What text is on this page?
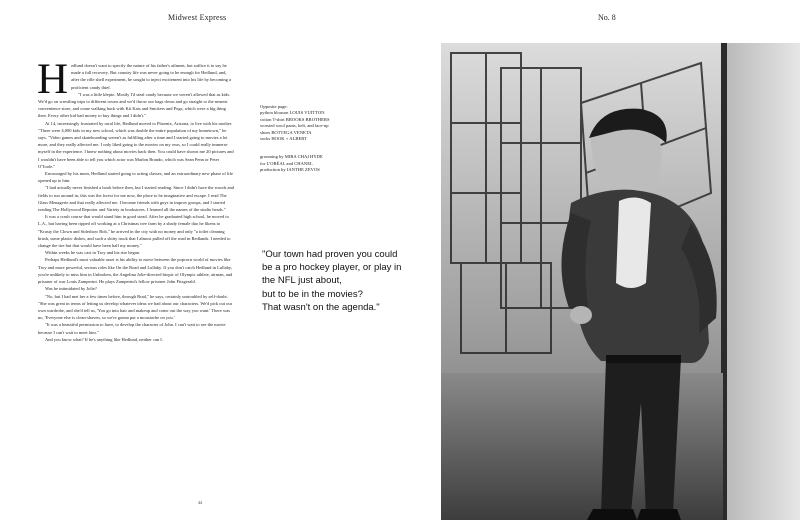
Midwest Express

Hedlund doesn't want to specify the nature of his father's ailment, but suffice it to say he made a full recovery. But country life was never going to be enough for Hedlund, and, after the rifle shell experiment, he sought to inject excitement into his life by becoming a proficient candy thief.

"I was a little klepto. Mostly I'd steal candy because we weren't allowed that as kids. We'd go on wrestling trips to different towns and we'd throw our bags down and go straight to the nearest convenience store, and come walking back with Kit Kats and Snickers and Pogs, which were a big thing then. Every other kid had money to buy things and I didn't."

At 14, increasingly frustrated by rural life, Hedlund moved to Phoenix, Arizona, to live with his mother. "There were 4,000 kids in my new school, which was double the entire population of my hometown," he says. "Video games and skateboarding weren't as fulfilling after a time and I started going to movies a lot more, and they really affected me. I only liked going to the movies on my own, so I could really immerse myself in the experience. I knew nothing about movies back then. You could have shown me 20 pictures and I wouldn't have been able to tell you which actor was Marlon Brando, which was Sean Penn or Peter O'Toole."

Encouraged by his mom, Hedlund started going to acting classes, and an extraordinary new phase of life opened up to him.

"I had actually never finished a book before then, but I started reading. Since I didn't have the woods and fields to run around in, this was the forest for me now, the place to be imaginative and escape. I read The Glass Menagerie and that really affected me. I became friends with guys in improv groups, and I started reading The Hollywood Reporter and Variety in bookstores. I learned all the names of the studio heads."

It was a crash course that would stand him in good stead. After he graduated high school, he moved to L.A., but having been ripped off working at a Christmas tree farm by a shady female duo he likens to "Krusty the Clown and Sideshow Bob," he arrived in the city with no money and only "a toilet cleaning brush, some plastic dishes, and such a shitty truck that I almost pulled off the road in Redlands. I needed to change the tire but that would have been half my money."

Within weeks he was cast in Troy and his rise began.

Perhaps Hedlund's most valuable asset is his ability to move between the popcorn world of movies like Troy and more powerful, serious roles like On the Road and Lullaby. If you don't catch Hedlund in Lullaby, you're unlikely to miss him in Unbroken, the Angelina Jolie-directed biopic of Olympic athlete, airman, and prisoner of war Louis Zamperini. He plays Zamperini's fellow prisoner John Fitzgerald.

Was he intimidated by Jolie?

"No, but I had met her a few times before, through Brad," he says, certainly untroubled by self-doubt. "She was great in terms of letting us develop whatever ideas we had about our characters. We'd pick out our own wardrobe, and she'd tell us, 'You go into hair and makeup and come out the way you want.' There was no, 'Everyone else is clean-shaven, so we're gonna put a moustache on you.'

"It was a beautiful permission to have, to develop the character of John. I can't wait to see the movie because I can't wait to meet him."

And you know what? If he's anything like Hedlund, neither can I.

Opposite page:

python blouson LOUIS VUITTON

cotton T-shirt BROOKS BROTHERS

worsted wool pants, belt, and lace-up

shoes BOTTEGA VENETA

socks HOOK + ALBERT

grooming by MIRA CHAI HYDE

for L'ORÉAL and CHANEL

production by IANTHE ZEVOS

"Our town had proven you could
be a pro hockey player, or play in
the NFL just about,
but to be in the movies?
That wasn't on the agenda."
44
No. 8
